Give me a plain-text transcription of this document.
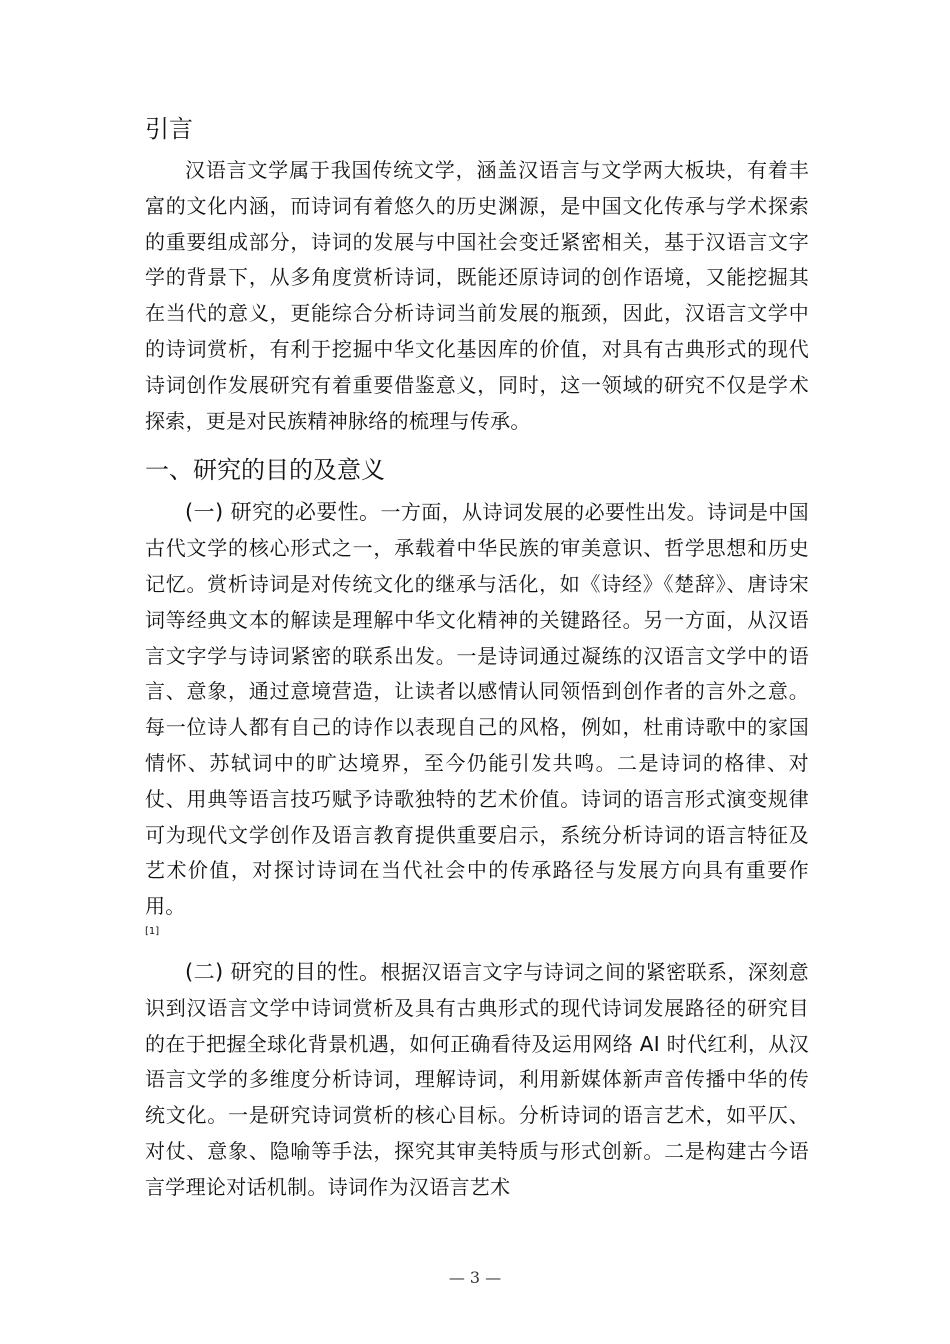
引言

汉语言文学属于我国传统文学，涵盖汉语言与文学两大板块，有着丰富的文化内涵，而诗词有着悠久的历史渊源，是中国文化传承与学术探索的重要组成部分，诗词的发展与中国社会变迁紧密相关，基于汉语言文字学的背景下，从多角度赏析诗词，既能还原诗词的创作语境，又能挖掘其在当代的意义，更能综合分析诗词当前发展的瓶颈，因此，汉语言文学中的诗词赏析，有利于挖掘中华文化基因库的价值，对具有古典形式的现代诗词创作发展研究有着重要借鉴意义，同时，这一领域的研究不仅是学术探索，更是对民族精神脉络的梳理与传承。

一、研究的目的及意义

(一) 研究的必要性。一方面，从诗词发展的必要性出发。诗词是中国古代文学的核心形式之一，承载着中华民族的审美意识、哲学思想和历史记忆。赏析诗词是对传统文化的继承与活化，如《诗经》《楚辞》、唐诗宋词等经典文本的解读是理解中华文化精神的关键路径。另一方面，从汉语言文字学与诗词紧密的联系出发。一是诗词通过凝练的汉语言文学中的语言、意象，通过意境营造，让读者以感情认同领悟到创作者的言外之意。每一位诗人都有自己的诗作以表现自己的风格，例如，杜甫诗歌中的家国情怀、苏轼词中的旷达境界，至今仍能引发共鸣。二是诗词的格律、对仗、用典等语言技巧赋予诗歌独特的艺术价值。诗词的语言形式演变规律可为现代文学创作及语言教育提供重要启示，系统分析诗词的语言特征及艺术价值，对探讨诗词在当代社会中的传承路径与发展方向具有重要作用。

[1]

(二) 研究的目的性。根据汉语言文字与诗词之间的紧密联系，深刻意识到汉语言文学中诗词赏析及具有古典形式的现代诗词发展路径的研究目的在于把握全球化背景机遇，如何正确看待及运用网络 AI 时代红利，从汉语言文学的多维度分析诗词，理解诗词，利用新媒体新声音传播中华的传统文化。一是研究诗词赏析的核心目标。分析诗词的语言艺术，如平仄、对仗、意象、隐喻等手法，探究其审美特质与形式创新。二是构建古今语言学理论对话机制。诗词作为汉语言艺术

— 3 —
